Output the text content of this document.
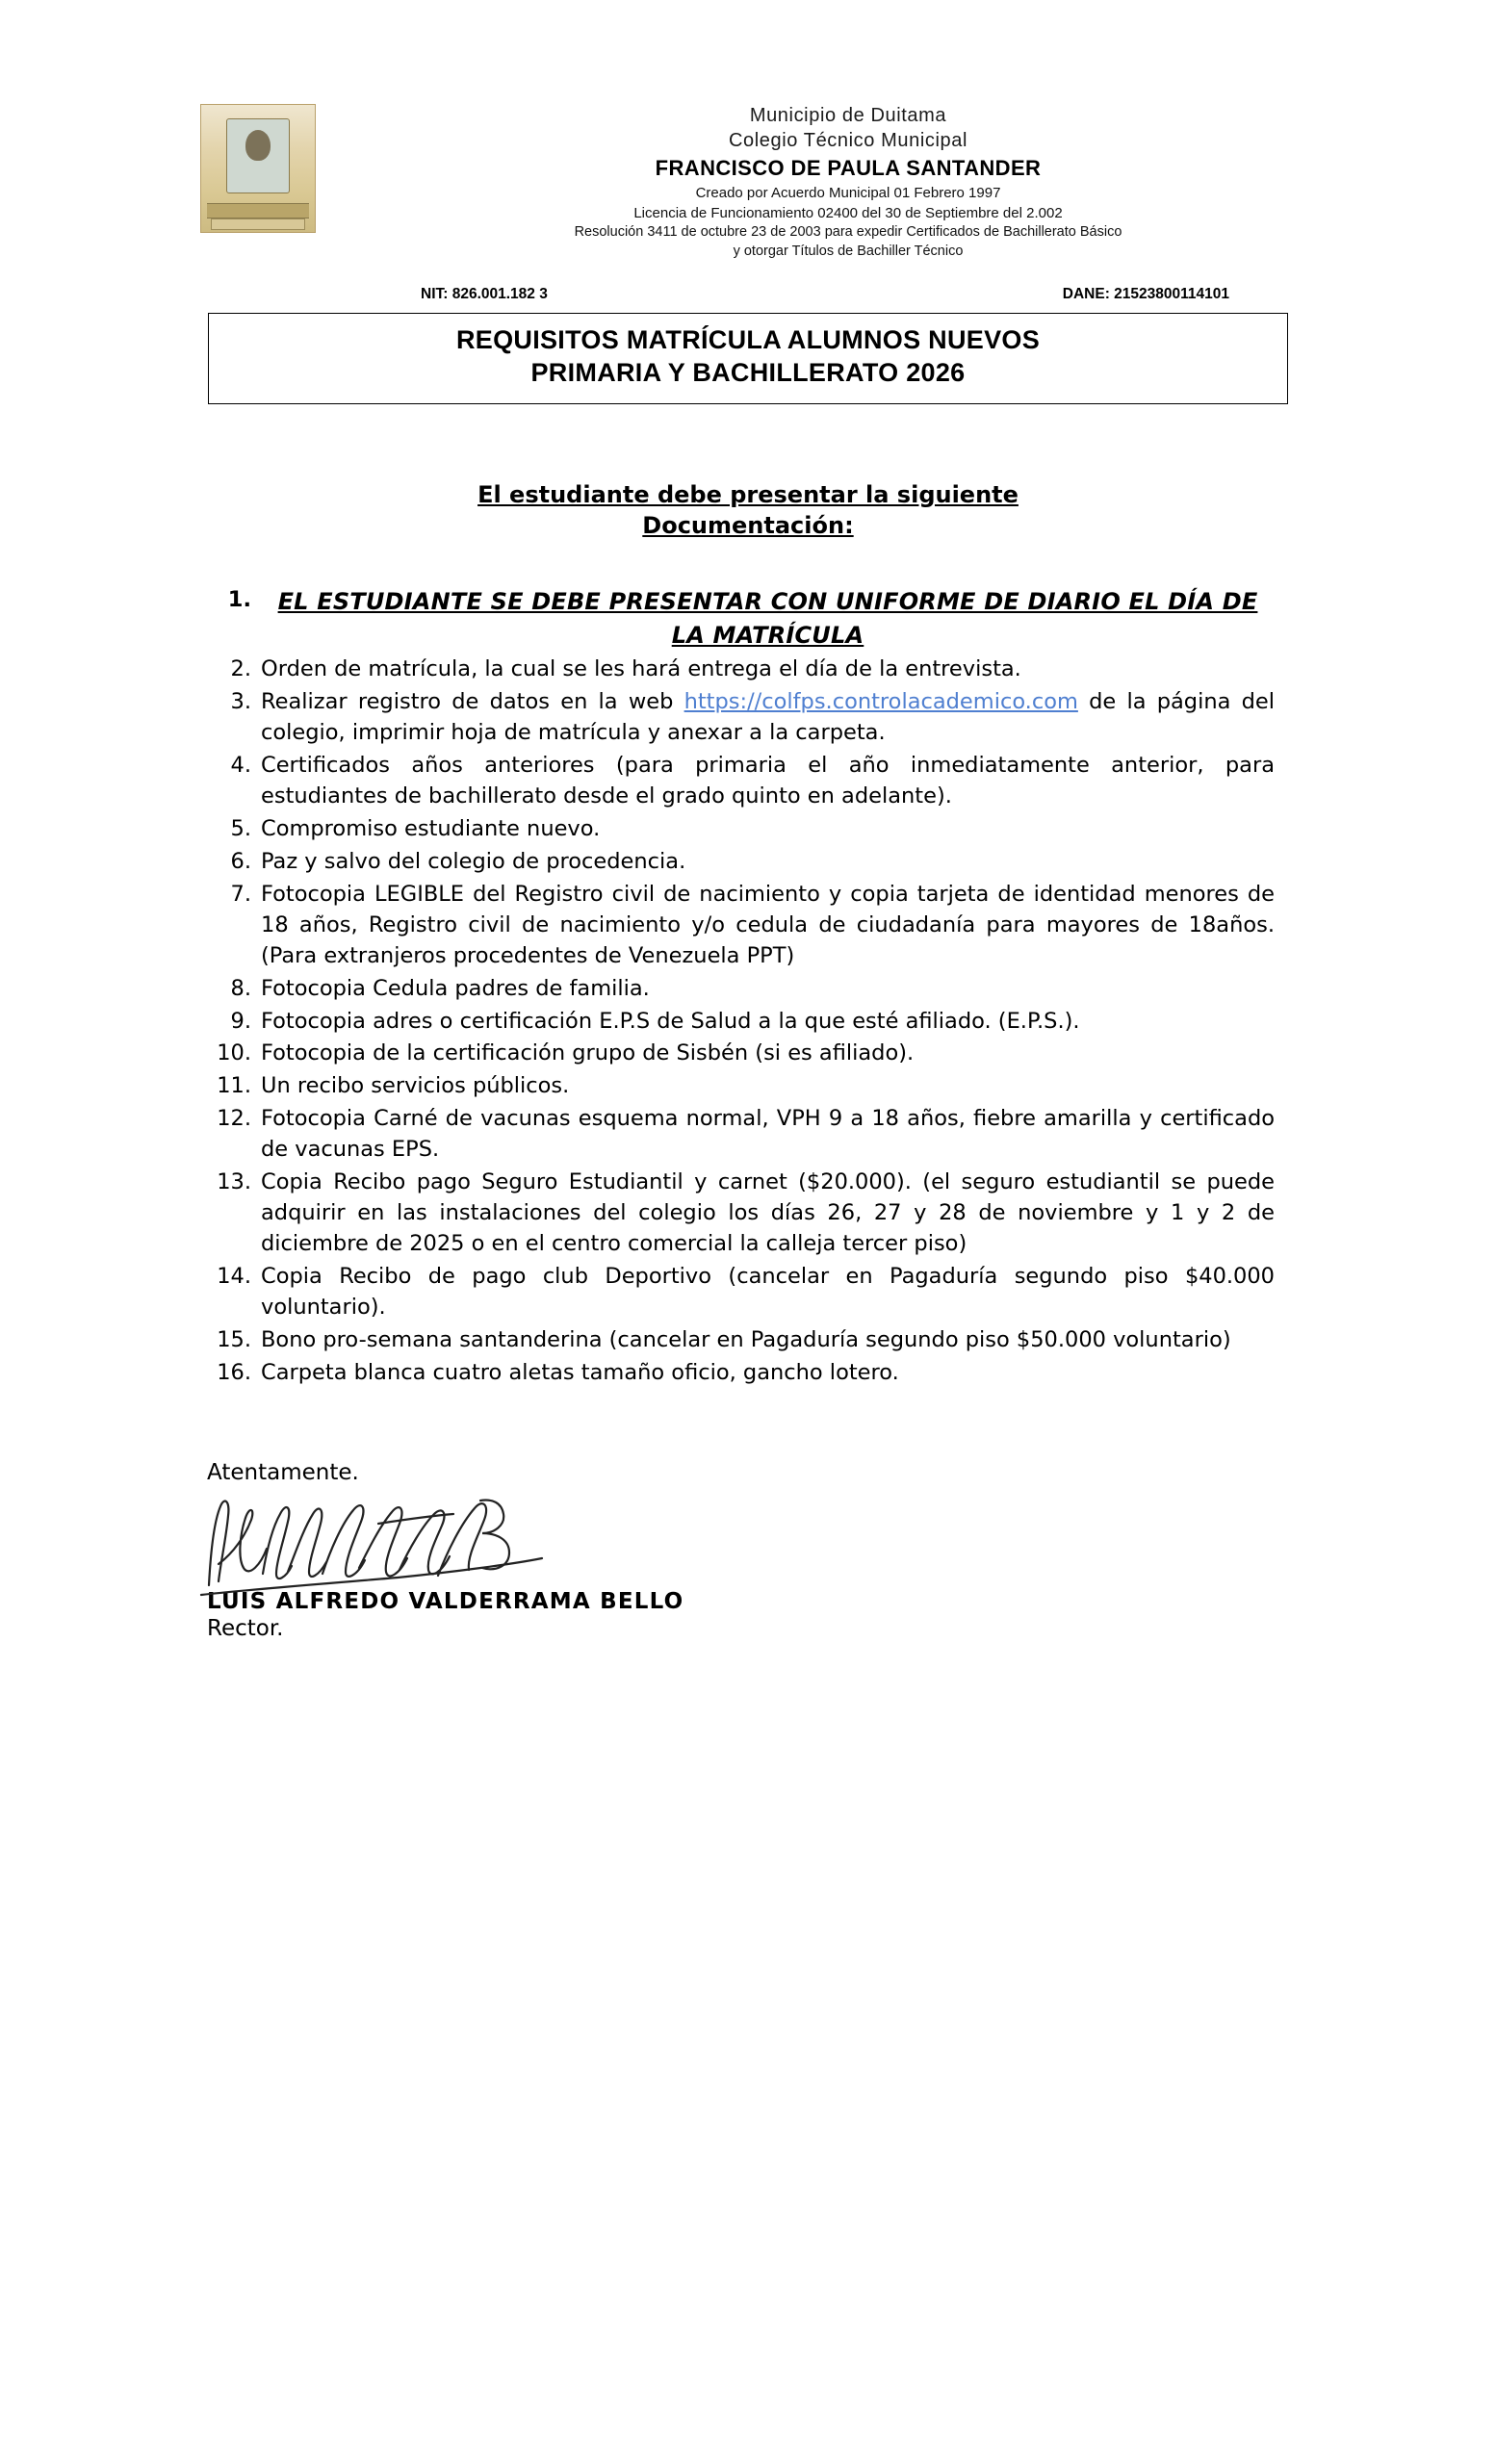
Municipio de Duitama
Colegio Técnico Municipal
FRANCISCO DE PAULA SANTANDER
Creado por Acuerdo Municipal 01 Febrero 1997
Licencia de Funcionamiento 02400 del 30 de Septiembre del 2.002
Resolución 3411 de octubre 23 de 2003 para expedir Certificados de Bachillerato Básico
y otorgar Títulos de Bachiller Técnico
NIT: 826.001.182 3	DANE: 21523800114101
REQUISITOS MATRÍCULA ALUMNOS NUEVOS
PRIMARIA Y BACHILLERATO 2026
El estudiante debe presentar la siguiente
Documentación:
1. EL ESTUDIANTE SE DEBE PRESENTAR CON UNIFORME DE DIARIO EL DÍA DE LA MATRÍCULA
2. Orden de matrícula, la cual se les hará entrega el día de la entrevista.
3. Realizar registro de datos en la web https://colfps.controlacademico.com de la página del colegio, imprimir hoja de matrícula y anexar a la carpeta.
4. Certificados años anteriores (para primaria el año inmediatamente anterior, para estudiantes de bachillerato desde el grado quinto en adelante).
5. Compromiso estudiante nuevo.
6. Paz y salvo del colegio de procedencia.
7. Fotocopia LEGIBLE del Registro civil de nacimiento y copia tarjeta de identidad menores de 18 años, Registro civil de nacimiento y/o cedula de ciudadanía para mayores de 18años. (Para extranjeros procedentes de Venezuela PPT)
8. Fotocopia Cedula padres de familia.
9. Fotocopia adres o certificación E.P.S de Salud a la que esté afiliado. (E.P.S.).
10. Fotocopia de la certificación grupo de Sisbén (si es afiliado).
11. Un recibo servicios públicos.
12. Fotocopia Carné de vacunas esquema normal, VPH 9 a 18 años, fiebre amarilla y certificado de vacunas EPS.
13. Copia Recibo pago Seguro Estudiantil y carnet ($20.000). (el seguro estudiantil se puede adquirir en las instalaciones del colegio los días 26, 27 y 28 de noviembre y 1 y 2 de diciembre de 2025 o en el centro comercial la calleja tercer piso)
14. Copia Recibo de pago club Deportivo (cancelar en Pagaduría segundo piso $40.000 voluntario).
15. Bono pro-semana santanderina (cancelar en Pagaduría segundo piso $50.000 voluntario)
16. Carpeta blanca cuatro aletas tamaño oficio, gancho lotero.
Atentamente.
LUIS ALFREDO VALDERRAMA BELLO
Rector.
